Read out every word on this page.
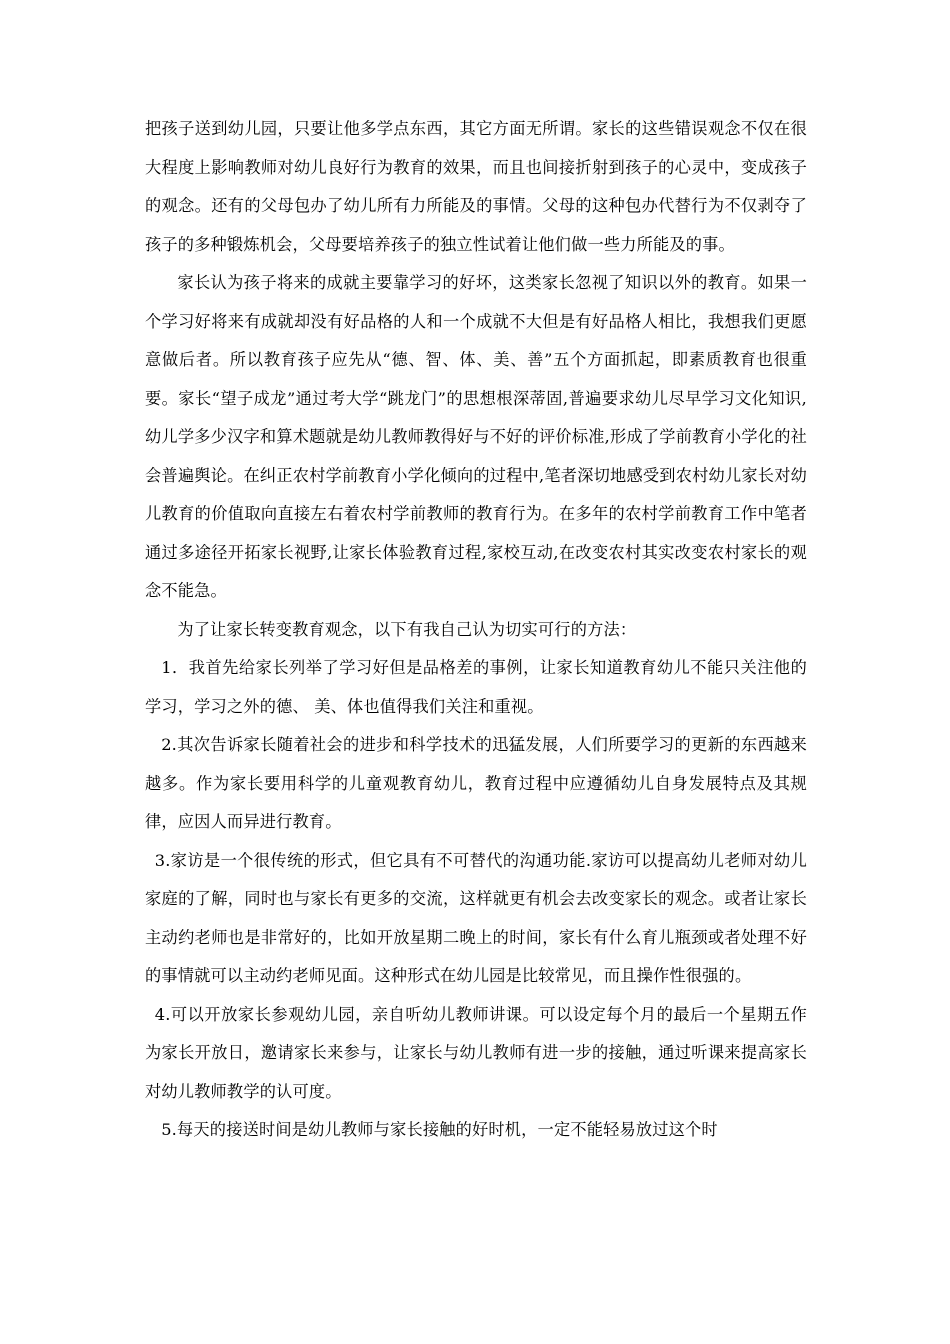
把孩子送到幼儿园，只要让他多学点东西，其它方面无所谓。家长的这些错误观念不仅在很大程度上影响教师对幼儿良好行为教育的效果，而且也间接折射到孩子的心灵中，变成孩子的观念。还有的父母包办了幼儿所有力所能及的事情。父母的这种包办代替行为不仅剥夺了孩子的多种锻炼机会，父母要培养孩子的独立性试着让他们做一些力所能及的事。

家长认为孩子将来的成就主要靠学习的好坏，这类家长忽视了知识以外的教育。如果一个学习好将来有成就却没有好品格的人和一个成就不大但是有好品格人相比，我想我们更愿意做后者。所以教育孩子应先从“德、智、体、美、善”五个方面抓起，即素质教育也很重要。家长“望子成龙”通过考大学“跳龙门”的思想根深蒂固,普遍要求幼儿尽早学习文化知识,幼儿学多少汉字和算术题就是幼儿教师教得好与不好的评价标准,形成了学前教育小学化的社会普遍舆论。在纠正农村学前教育小学化倾向的过程中,笔者深切地感受到农村幼儿家长对幼儿教育的价值取向直接左右着农村学前教师的教育行为。在多年的农村学前教育工作中笔者通过多途径开拓家长视野,让家长体验教育过程,家校互动,在改变农村其实改变农村家长的观念不能急。

为了让家长转变教育观念，以下有我自己认为切实可行的方法：

1．我首先给家长列举了学习好但是品格差的事例，让家长知道教育幼儿不能只关注他的学习，学习之外的德、 美、体也值得我们关注和重视。

2.其次告诉家长随着社会的进步和科学技术的迅猛发展，人们所要学习的更新的东西越来越多。作为家长要用科学的儿童观教育幼儿，教育过程中应遵循幼儿自身发展特点及其规律，应因人而异进行教育。

3.家访是一个很传统的形式，但它具有不可替代的沟通功能.家访可以提高幼儿老师对幼儿家庭的了解，同时也与家长有更多的交流，这样就更有机会去改变家长的观念。或者让家长主动约老师也是非常好的，比如开放星期二晚上的时间，家长有什么育儿瓶颈或者处理不好的事情就可以主动约老师见面。这种形式在幼儿园是比较常见，而且操作性很强的。

4.可以开放家长参观幼儿园，亲自听幼儿教师讲课。可以设定每个月的最后一个星期五作为家长开放日，邀请家长来参与，让家长与幼儿教师有进一步的接触，通过听课来提高家长对幼儿教师教学的认可度。

5.每天的接送时间是幼儿教师与家长接触的好时机，一定不能轻易放过这个时
